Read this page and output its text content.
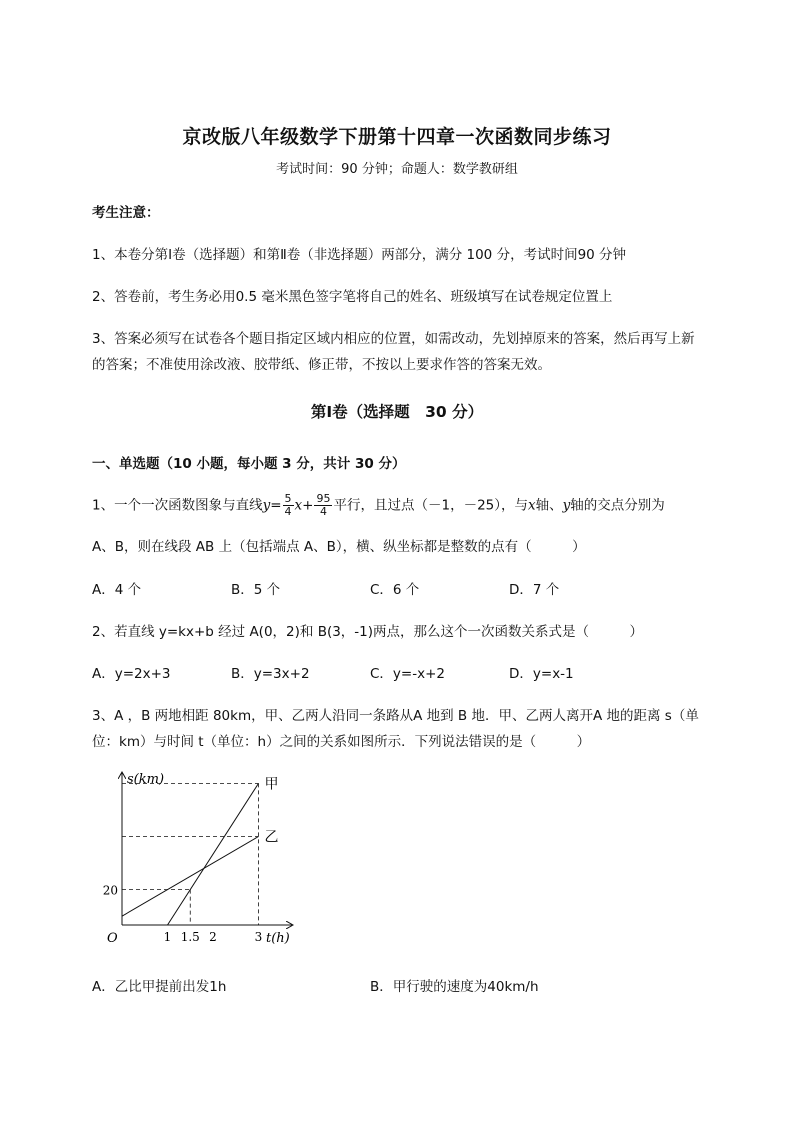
京改版八年级数学下册第十四章一次函数同步练习
考试时间：90 分钟；命题人：数学教研组
考生注意：
1、本卷分第Ⅰ卷（选择题）和第Ⅱ卷（非选择题）两部分，满分 100 分，考试时间90 分钟
2、答卷前，考生务必用0.5 毫米黑色签字笔将自己的姓名、班级填写在试卷规定位置上
3、答案必须写在试卷各个题目指定区域内相应的位置，如需改动，先划掉原来的答案，然后再写上新
的答案；不准使用涂改液、胶带纸、修正带，不按以上要求作答的答案无效。
第Ⅰ卷（选择题　30 分）
一、单选题（10 小题，每小题 3 分，共计 30 分）
1、一个一次函数图象与直线$y= \frac{5}{4} x+ \frac{95}{4}$ 平行，且过点（－1，－25），与x轴、y轴的交点分别为
A、B，则在线段 AB 上（包括端点 A、B），横、纵坐标都是整数的点有（　　　）
A．4 个	B．5 个	C．6 个	D．7 个
2、若直线 y=kx+b 经过 A(0，2)和 B(3，-1)两点，那么这个一次函数关系式是（　　　）
A．y=2x+3	B．y=3x+2	C．y=-x+2	D．y=x-1
3、A ，B 两地相距 80km，甲、乙两人沿同一条路从A 地到 B 地．甲、乙两人离开A 地的距离 s（单
位：km）与时间 t（单位：h）之间的关系如图所示．下列说法错误的是（　　　）
s(km)
t(h)
O	1 1.5 2	3
20
甲
乙
A．乙比甲提前出发1h	B．甲行驶的速度为40km/h
